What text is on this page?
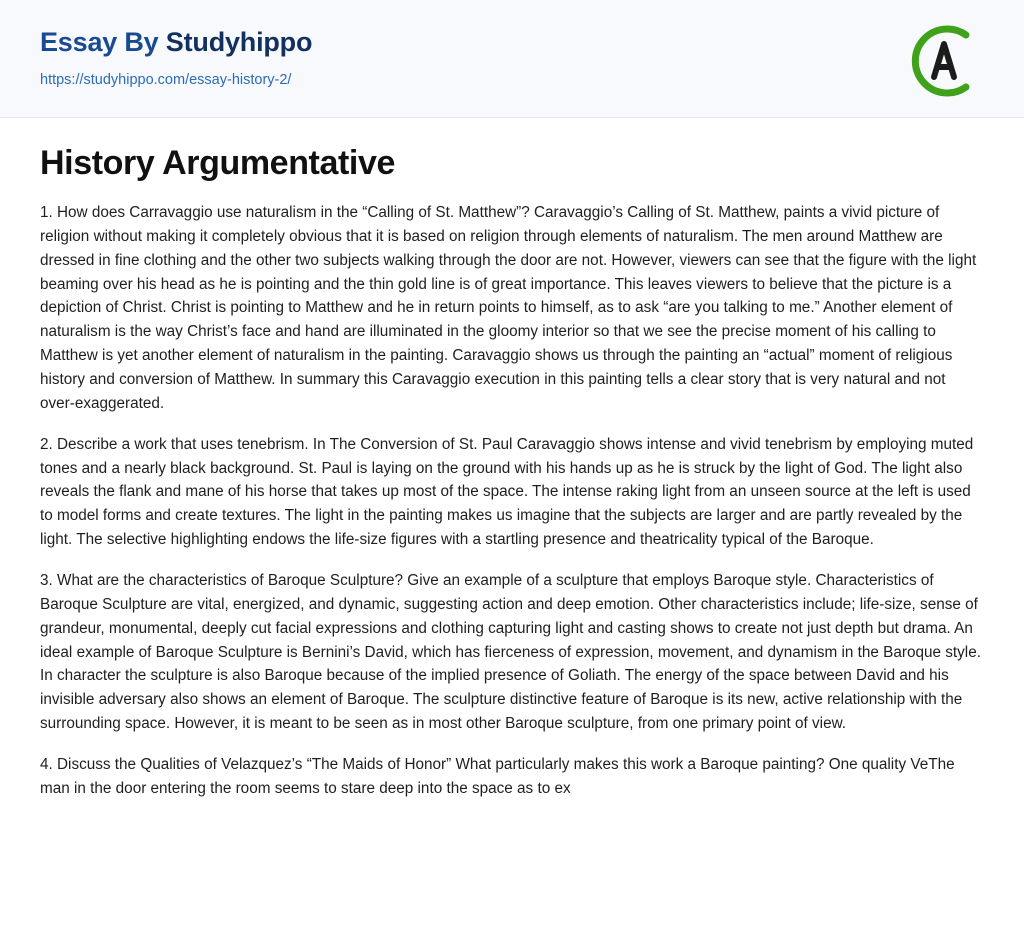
Essay By Studyhippo
https://studyhippo.com/essay-history-2/
History Argumentative

1. How does Carravaggio use naturalism in the “Calling of St. Matthew”? Caravaggio’s Calling of St. Matthew, paints a vivid picture of religion without making it completely obvious that it is based on religion through elements of naturalism. The men around Matthew are dressed in fine clothing and the other two subjects walking through the door are not. However, viewers can see that the figure with the light beaming over his head as he is pointing and the thin gold line is of great importance. This leaves viewers to believe that the picture is a depiction of Christ. Christ is pointing to Matthew and he in return points to himself, as to ask “are you talking to me.” Another element of naturalism is the way Christ’s face and hand are illuminated in the gloomy interior so that we see the precise moment of his calling to Matthew is yet another element of naturalism in the painting. Caravaggio shows us through the painting an “actual” moment of religious history and conversion of Matthew. In summary this Caravaggio execution in this painting tells a clear story that is very natural and not over-exaggerated.

2. Describe a work that uses tenebrism. In The Conversion of St. Paul Caravaggio shows intense and vivid tenebrism by employing muted tones and a nearly black background. St. Paul is laying on the ground with his hands up as he is struck by the light of God. The light also reveals the flank and mane of his horse that takes up most of the space. The intense raking light from an unseen source at the left is used to model forms and create textures. The light in the painting makes us imagine that the subjects are larger and are partly revealed by the light. The selective highlighting endows the life-size figures with a startling presence and theatricality typical of the Baroque.

3. What are the characteristics of Baroque Sculpture? Give an example of a sculpture that employs Baroque style. Characteristics of Baroque Sculpture are vital, energized, and dynamic, suggesting action and deep emotion. Other characteristics include; life-size, sense of grandeur, monumental, deeply cut facial expressions and clothing capturing light and casting shows to create not just depth but drama. An ideal example of Baroque Sculpture is Bernini’s David, which has fierceness of expression, movement, and dynamism in the Baroque style. In character the sculpture is also Baroque because of the implied presence of Goliath. The energy of the space between David and his invisible adversary also shows an element of Baroque. The sculpture distinctive feature of Baroque is its new, active relationship with the surrounding space. However, it is meant to be seen as in most other Baroque sculpture, from one primary point of view.

4. Discuss the Qualities of Velazquez’s “The Maids of Honor” What particularly makes this work a Baroque painting? One quality VeThe man in the door entering the room seems to stare deep into the space as to ex
